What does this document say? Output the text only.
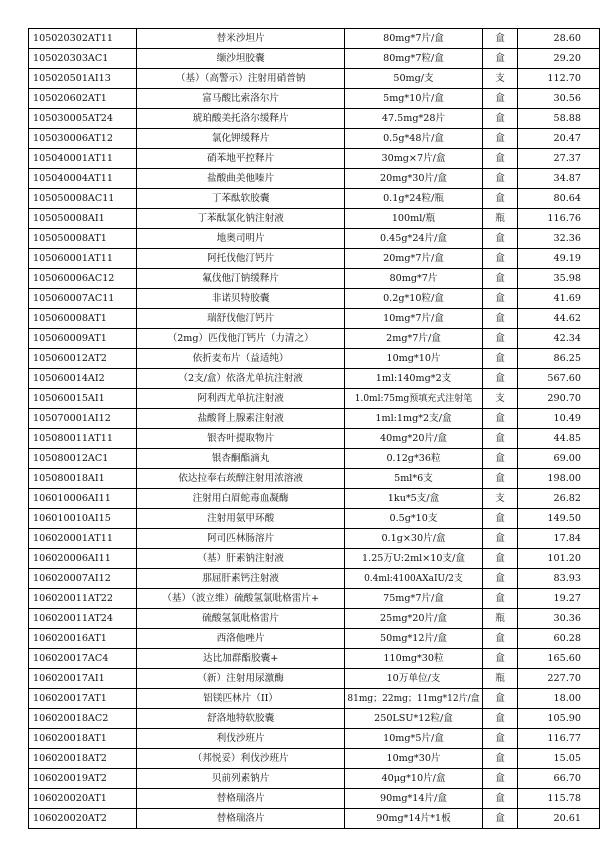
105020302AT11	替米沙坦片	80mg*7片/盒	盒	28.60
105020303AC1	缬沙坦胶囊	80mg*7粒/盒	盒	29.20
105020501AI13	（基）（高警示）注射用硝普钠	50mg/支	支	112.70
105020602AT1	富马酸比索洛尔片	5mg*10片/盒	盒	30.56
105030005AT24	琥珀酸美托洛尔缓释片	47.5mg*28片	盒	58.88
105030006AT12	氯化钾缓释片	0.5g*48片/盒	盒	20.47
105040001AT11	硝苯地平控释片	30mg×7片/盒	盒	27.37
105040004AT11	盐酸曲美他嗪片	20mg*30片/盒	盒	34.87
105050008AC11	丁苯酞软胶囊	0.1g*24粒/瓶	盒	80.64
105050008AI1	丁苯酞氯化钠注射液	100ml/瓶	瓶	116.76
105050008AT1	地奥司明片	0.45g*24片/盒	盒	32.36
105060001AT11	阿托伐他汀钙片	20mg*7片/盒	盒	49.19
105060006AC12	氟伐他汀钠缓释片	80mg*7片	盒	35.98
105060007AC11	非诺贝特胶囊	0.2g*10粒/盒	盒	41.69
105060008AT1	瑞舒伐他汀钙片	10mg*7片/盒	盒	44.62
105060009AT1	（2mg）匹伐他汀钙片（力清之）	2mg*7片/盒	盒	42.34
105060012AT2	依折麦布片（益适纯）	10mg*10片	盒	86.25
105060014AI2	（2支/盒）依洛尤单抗注射液	1ml:140mg*2支	盒	567.60
105060015AI1	阿利西尤单抗注射液	1.0ml:75mg预填充式注射笔	支	290.70
105070001AI12	盐酸肾上腺素注射液	1ml:1mg*2支/盒	盒	10.49
105080011AT11	银杏叶提取物片	40mg*20片/盒	盒	44.85
105080012AC1	银杏酮酯滴丸	0.12g*36粒	盒	69.00
105080018AI1	依达拉奉右莰醇注射用浓溶液	5ml*6支	盒	198.00
106010006AI11	注射用白眉蛇毒血凝酶	1ku*5支/盒	支	26.82
106010010AI15	注射用氨甲环酸	0.5g*10支	盒	149.50
106020001AT11	阿司匹林肠溶片	0.1g×30片/盒	盒	17.84
106020006AI11	（基）肝素钠注射液	1.25万U:2ml×10支/盒	盒	101.20
106020007AI12	那屈肝素钙注射液	0.4ml:4100AXaIU/2支	盒	83.93
106020011AT22	（基）（波立维）硫酸氢氯吡格雷片+	75mg*7片/盒	盒	19.27
106020011AT24	硫酸氢氯吡格雷片	25mg*20片/盒	瓶	30.36
106020016AT1	西洛他唑片	50mg*12片/盒	盒	60.28
106020017AC4	达比加群酯胶囊+	110mg*30粒	盒	165.60
106020017AI1	（新）注射用尿激酶	10万单位/支	瓶	227.70
106020017AT1	铝镁匹林片（II）	81mg；22mg；11mg*12片/盒	盒	18.00
106020018AC2	舒洛地特软胶囊	250LSU*12粒/盒	盒	105.90
106020018AT1	利伐沙班片	10mg*5片/盒	盒	116.77
106020018AT2	（邦悦妥）利伐沙班片	10mg*30片	盒	15.05
106020019AT2	贝前列素钠片	40μg*10片/盒	盒	66.70
106020020AT1	替格瑞洛片	90mg*14片/盒	盒	115.78
106020020AT2	替格瑞洛片	90mg*14片*1板	盒	20.61
